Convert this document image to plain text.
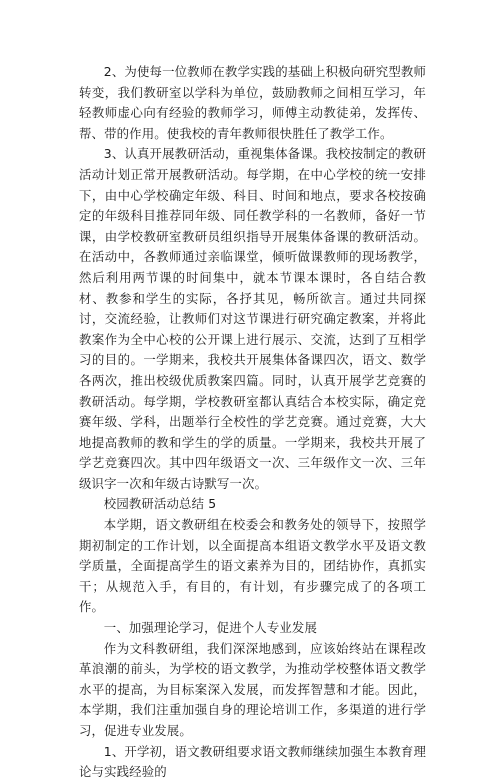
2、为使每一位教师在教学实践的基础上积极向研究型教师转变，我们教研室以学科为单位，鼓励教师之间相互学习，年轻教师虚心向有经验的教师学习，师傅主动教徒弟，发挥传、帮、带的作用。使我校的青年教师很快胜任了教学工作。

3、认真开展教研活动，重视集体备课。我校按制定的教研活动计划正常开展教研活动。每学期，在中心学校的统一安排下，由中心学校确定年级、科目、时间和地点，要求各校按确定的年级科目推荐同年级、同任教学科的一名教师，备好一节课，由学校教研室教研员组织指导开展集体备课的教研活动。在活动中，各教师通过亲临课堂，倾听做课教师的现场教学，然后利用两节课的时间集中，就本节课本课时，各自结合教材、教参和学生的实际，各抒其见，畅所欲言。通过共同探讨，交流经验，让教师们对这节课进行研究确定教案，并将此教案作为全中心校的公开课上进行展示、交流，达到了互相学习的目的。一学期来，我校共开展集体备课四次，语文、数学各两次，推出校级优质教案四篇。同时，认真开展学艺竞赛的教研活动。每学期，学校教研室都认真结合本校实际，确定竞赛年级、学科，出题举行全校性的学艺竞赛。通过竞赛，大大地提高教师的教和学生的学的质量。一学期来，我校共开展了学艺竞赛四次。其中四年级语文一次、三年级作文一次、三年级识字一次和年级古诗默写一次。

校园教研活动总结 5

本学期，语文教研组在校委会和教务处的领导下，按照学期初制定的工作计划，以全面提高本组语文教学水平及语文教学质量，全面提高学生的语文素养为目的，团结协作，真抓实干；从规范入手，有目的，有计划，有步骤完成了的各项工作。

一、加强理论学习，促进个人专业发展

作为文科教研组，我们深深地感到，应该始终站在课程改革浪潮的前头，为学校的语文教学，为推动学校整体语文教学水平的提高，为目标案深入发展，而发挥智慧和才能。因此，本学期，我们注重加强自身的理论培训工作，多渠道的进行学习，促进专业发展。

1、开学初，语文教研组要求语文教师继续加强生本教育理论与实践经验的
